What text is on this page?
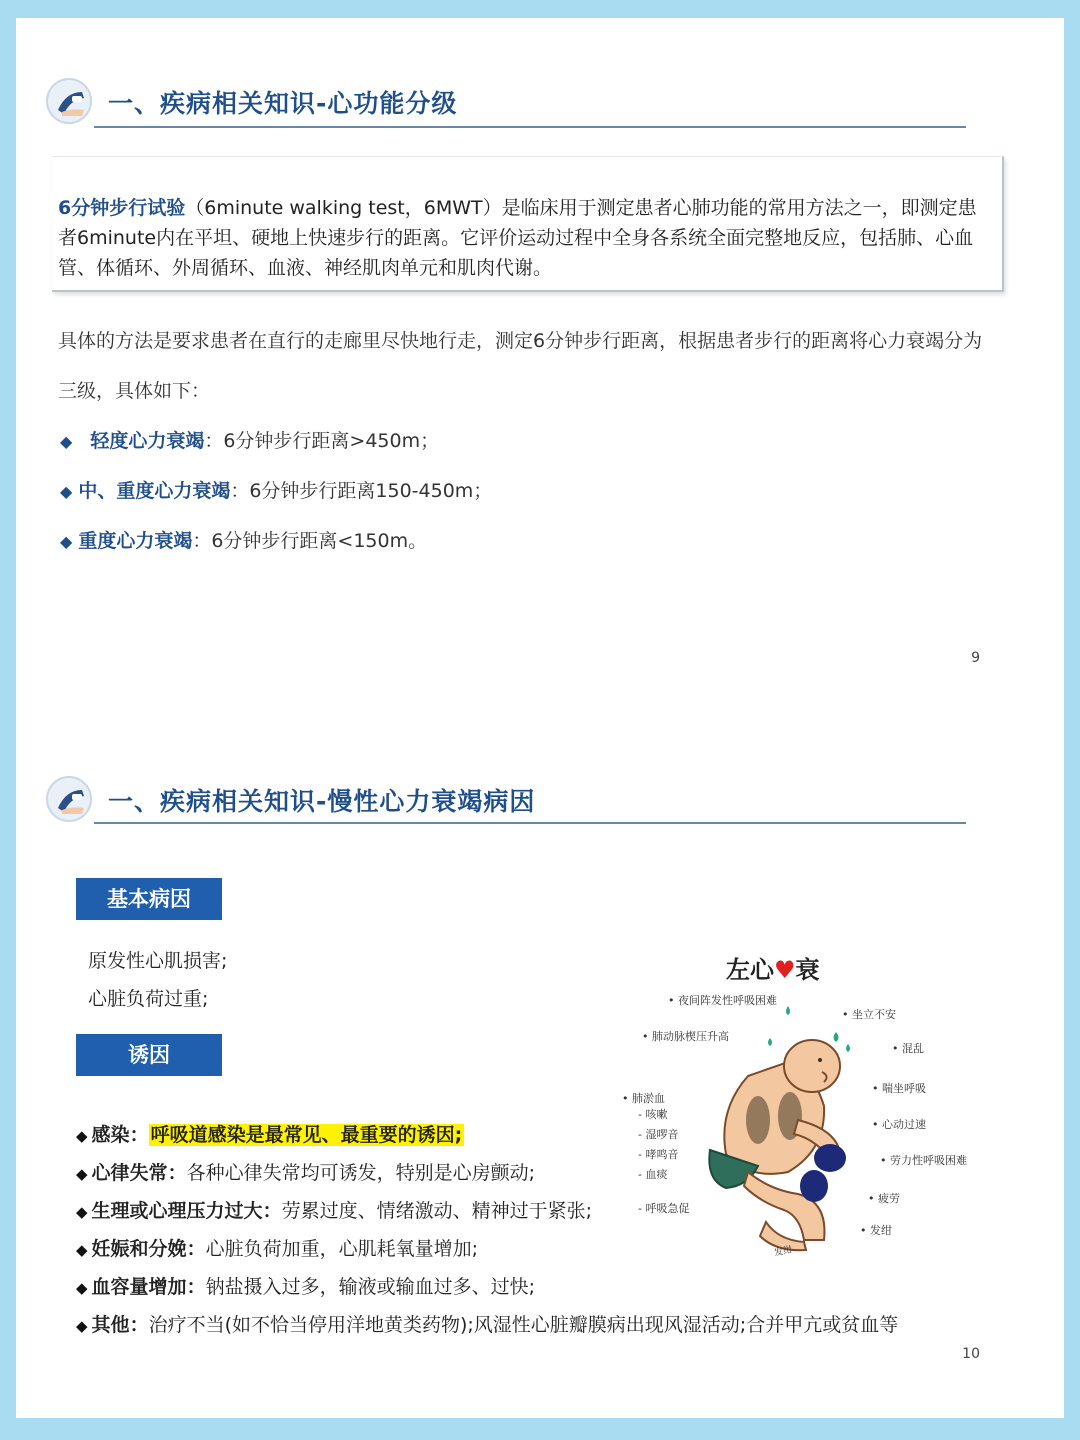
一、疾病相关知识-心功能分级
6分钟步行试验（6minute walking test，6MWT）是临床用于测定患者心肺功能的常用方法之一，即测定患者6minute内在平坦、硬地上快速步行的距离。它评价运动过程中全身各系统全面完整地反应，包括肺、心血管、体循环、外周循环、血液、神经肌肉单元和肌肉代谢。
具体的方法是要求患者在直行的走廊里尽快地行走，测定6分钟步行距离，根据患者步行的距离将心力衰竭分为
三级，具体如下：
◆ 轻度心力衰竭：6分钟步行距离>450m；
◆ 中、重度心力衰竭：6分钟步行距离150-450m；
◆ 重度心力衰竭：6分钟步行距离<150m。
9
一、疾病相关知识-慢性心力衰竭病因
基本病因
原发性心肌损害;
心脏负荷过重;
诱因
◆ 感染： 呼吸道感染是最常见、最重要的诱因;
◆ 心律失常：各种心律失常均可诱发，特别是心房颤动;
◆ 生理或心理压力过大：劳累过度、情绪激动、精神过于紧张;
◆ 妊娠和分娩：心脏负荷加重，心肌耗氧量增加;
◆ 血容量增加：钠盐摄入过多，输液或输血过多、过快;
◆ 其他：治疗不当(如不恰当停用洋地黄类药物);风湿性心脏瓣膜病出现风湿活动;合并甲亢或贫血等
左心♥衰
• 夜间阵发性呼吸困难
• 坐立不安
• 肺动脉楔压升高
• 混乱
• 肺淤血
- 咳嗽
- 湿啰音
- 哮鸣音
- 血痰
• 喘坐呼吸
• 心动过速
• 劳力性呼吸困难
- 呼吸急促
• 疲劳
• 发绀
发绀
10
